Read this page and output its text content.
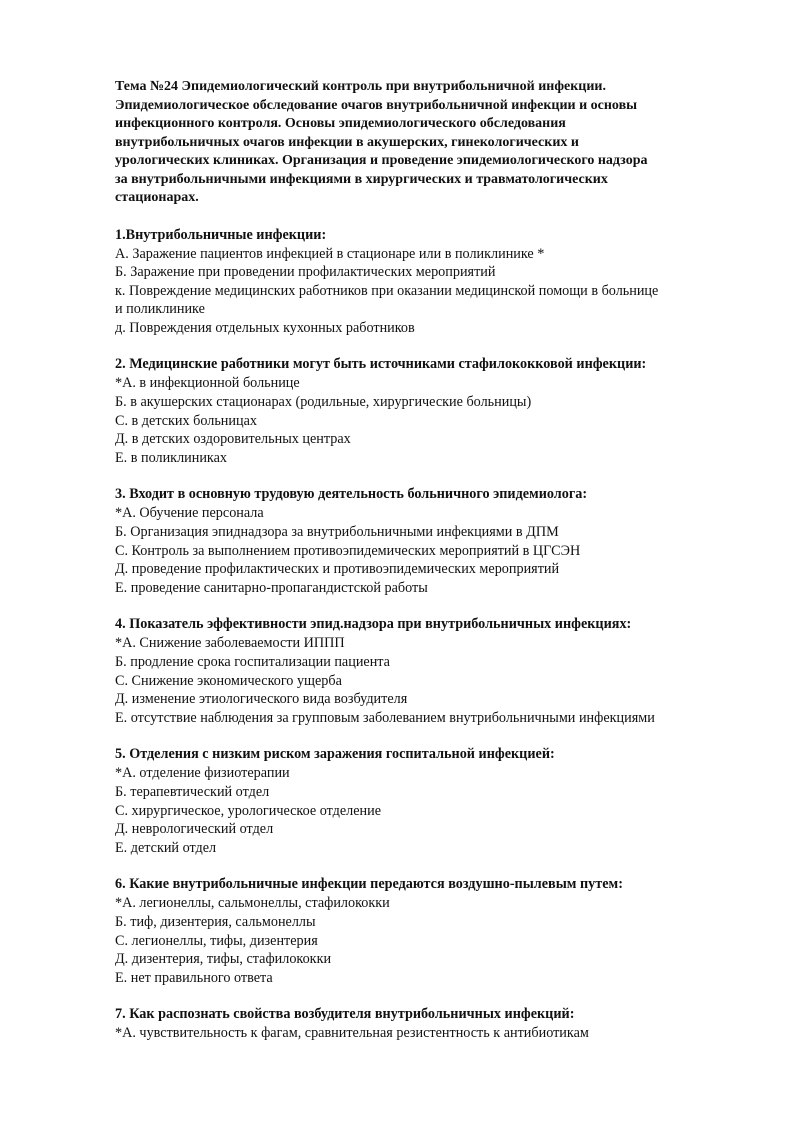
Тема №24 Эпидемиологический контроль при внутрибольничной инфекции.
Эпидемиологическое обследование очагов внутрибольничной инфекции и основы
инфекционного контроля. Основы эпидемиологического обследования
внутрибольничных очагов инфекции в акушерских, гинекологических и
урологических клиниках. Организация и проведение эпидемиологического надзора
за внутрибольничными инфекциями в хирургических и травматологических
стационарах.

1.Внутрибольничные инфекции:

А. Заражение пациентов инфекцией в стационаре или в поликлинике *

Б. Заражение при проведении профилактических мероприятий

к. Повреждение медицинских работников при оказании медицинской помощи в больнице

и поликлинике

д. Повреждения отдельных кухонных работников

2. Медицинские работники могут быть источниками стафилококковой инфекции:

*А. в инфекционной больнице

Б. в акушерских стационарах (родильные, хирургические больницы)

С. в детских больницах

Д. в детских оздоровительных центрах

Е. в поликлиниках

3. Входит в основную трудовую деятельность больничного эпидемиолога:

*А. Обучение персонала

Б. Организация эпиднадзора за внутрибольничными инфекциями в ДПМ

С. Контроль за выполнением противоэпидемических мероприятий в ЦГСЭН

Д. проведение профилактических и противоэпидемических мероприятий

Е. проведение санитарно-пропагандистской работы

4. Показатель эффективности эпид.надзора при внутрибольничных инфекциях:

*А. Снижение заболеваемости ИППП

Б. продление срока госпитализации пациента

С. Снижение экономического ущерба

Д. изменение этиологического вида возбудителя

Е. отсутствие наблюдения за групповым заболеванием внутрибольничными инфекциями

5. Отделения с низким риском заражения госпитальной инфекцией:

*А. отделение физиотерапии

Б. терапевтический отдел

С. хирургическое, урологическое отделение

Д. неврологический отдел

Е. детский отдел

6. Какие внутрибольничные инфекции передаются воздушно-пылевым путем:

*А. легионеллы, сальмонеллы, стафилококки

Б. тиф, дизентерия, сальмонеллы

С. легионеллы, тифы, дизентерия

Д. дизентерия, тифы, стафилококки

Е. нет правильного ответа

7. Как распознать свойства возбудителя внутрибольничных инфекций:

*А. чувствительность к фагам, сравнительная резистентность к антибиотикам
